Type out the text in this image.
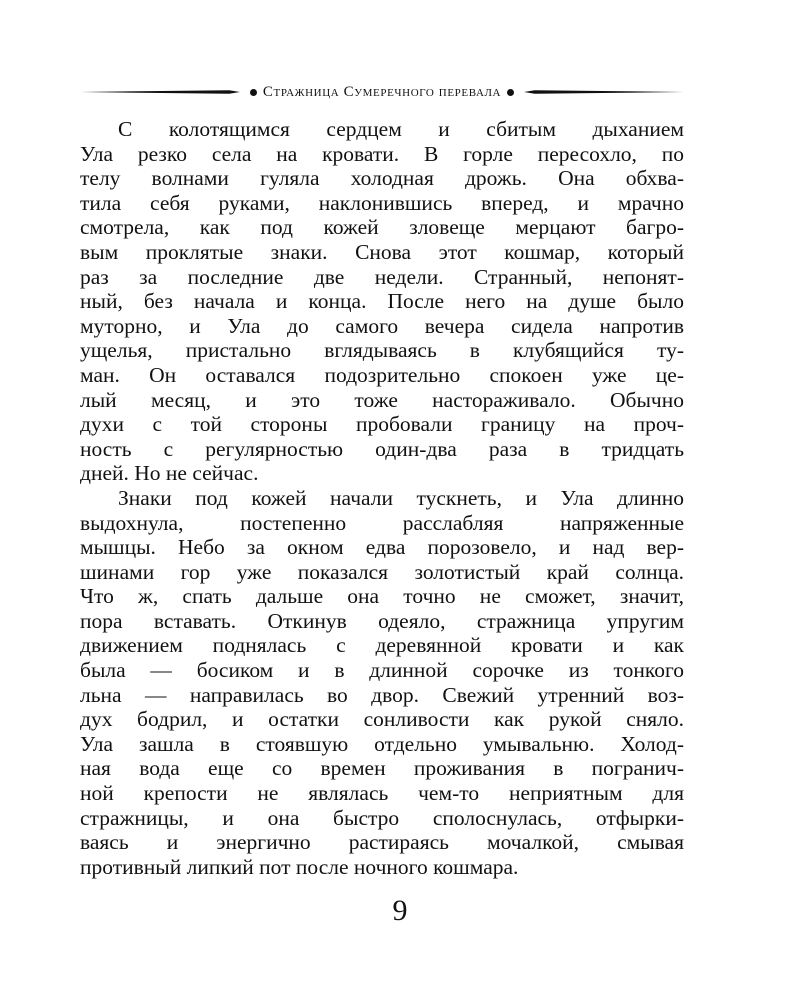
Стражница Сумеречного перевала
С колотящимся сердцем и сбитым дыханием
Ула резко села на кровати. В горле пересохло, по
телу волнами гуляла холодная дрожь. Она обхва-
тила себя руками, наклонившись вперед, и мрачно
смотрела, как под кожей зловеще мерцают багро-
вым проклятые знаки. Снова этот кошмар, который
раз за последние две недели. Странный, непонят-
ный, без начала и конца. После него на душе было
муторно, и Ула до самого вечера сидела напротив
ущелья, пристально вглядываясь в клубящийся ту-
ман. Он оставался подозрительно спокоен уже це-
лый месяц, и это тоже настораживало. Обычно
духи с той стороны пробовали границу на проч-
ность с регулярностью один-два раза в тридцать
дней. Но не сейчас.
Знаки под кожей начали тускнеть, и Ула длинно
выдохнула, постепенно расслабляя напряженные
мышцы. Небо за окном едва порозовело, и над вер-
шинами гор уже показался золотистый край солнца.
Что ж, спать дальше она точно не сможет, значит,
пора вставать. Откинув одеяло, стражница упругим
движением поднялась с деревянной кровати и как
была — босиком и в длинной сорочке из тонкого
льна — направилась во двор. Свежий утренний воз-
дух бодрил, и остатки сонливости как рукой сняло.
Ула зашла в стоявшую отдельно умывальню. Холод-
ная вода еще со времен проживания в погранич-
ной крепости не являлась чем-то неприятным для
стражницы, и она быстро сполоснулась, отфырки-
ваясь и энергично растираясь мочалкой, смывая
противный липкий пот после ночного кошмара.
9
